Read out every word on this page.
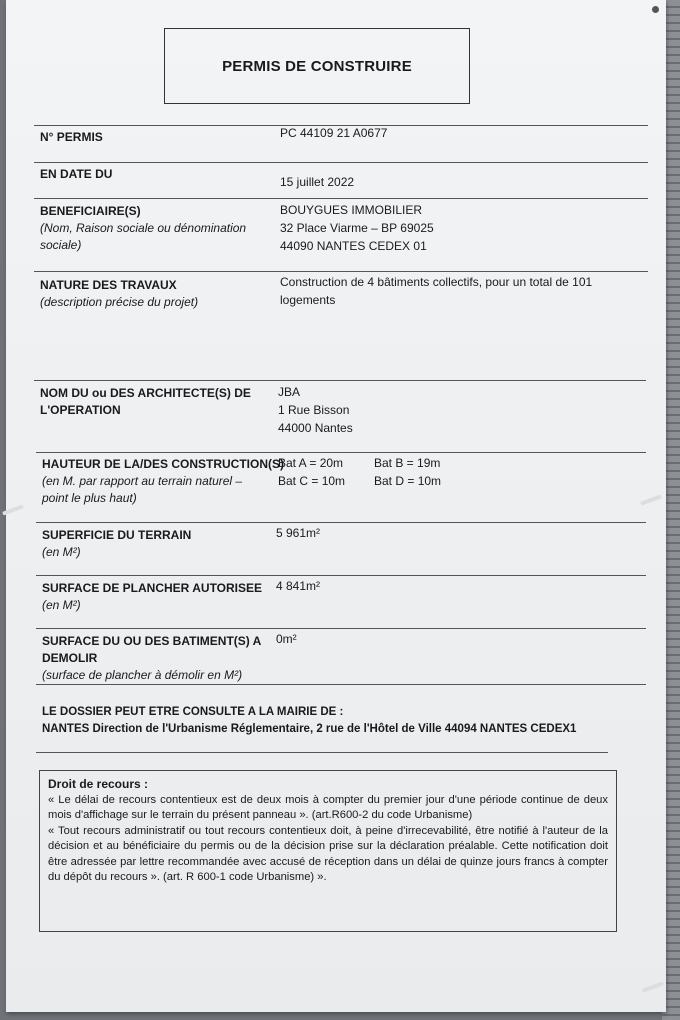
PERMIS DE CONSTRUIRE
N° PERMIS	PC 44109 21 A0677
EN DATE DU
15 juillet 2022
BENEFICIAIRE(S)
(Nom, Raison sociale ou dénomination
sociale)
BOUYGUES IMMOBILIER
32 Place Viarme – BP 69025
44090 NANTES CEDEX 01
NATURE DES TRAVAUX
(description précise du projet)
Construction de 4 bâtiments collectifs, pour un total de 101
logements
NOM DU ou DES ARCHITECTE(S) DE
L'OPERATION
JBA
1 Rue Bisson
44000 Nantes
HAUTEUR DE LA/DES CONSTRUCTION(S)
(en M. par rapport au terrain naturel –
point le plus haut)
Bat A = 20m	Bat B = 19m
Bat C = 10m Bat D = 10m
SUPERFICIE DU TERRAIN
(en M²)
5 961m²
SURFACE DE PLANCHER AUTORISEE
(en M²)
4 841m²
SURFACE DU OU DES BATIMENT(S) A
DEMOLIR
(surface de plancher à démolir en M²)
0m²
LE DOSSIER PEUT ETRE CONSULTE A LA MAIRIE DE :
NANTES Direction de l'Urbanisme Réglementaire, 2 rue de l'Hôtel de Ville 44094 NANTES CEDEX1
Droit de recours :
« Le délai de recours contentieux est de deux mois à compter du premier jour d'une période continue de deux mois d'affichage sur le terrain du présent panneau ». (art.R600-2 du code Urbanisme)
« Tout recours administratif ou tout recours contentieux doit, à peine d'irrecevabilité, être notifié à l'auteur de la décision et au bénéficiaire du permis ou de la décision prise sur la déclaration préalable. Cette notification doit être adressée par lettre recommandée avec accusé de réception dans un délai de quinze jours francs à compter du dépôt du recours ». (art. R 600-1 code Urbanisme) ».
